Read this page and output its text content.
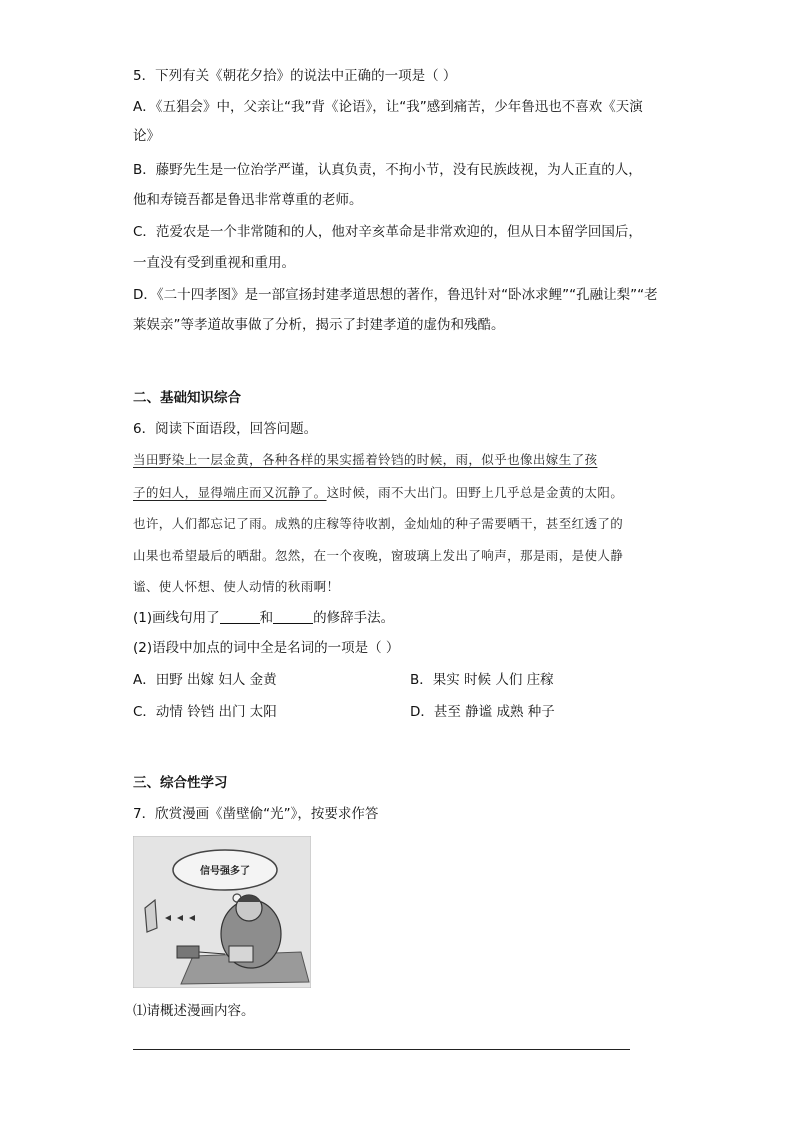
5．下列有关《朝花夕拾》的说法中正确的一项是（ ）
A．《五猖会》中，父亲让“我”背《论语》，让“我”感到痛苦，少年鲁迅也不喜欢《天演
论》
B．藤野先生是一位治学严谨，认真负责，不拘小节，没有民族歧视，为人正直的人，
他和寿镜吾都是鲁迅非常尊重的老师。
C．范爱农是一个非常随和的人，他对辛亥革命是非常欢迎的，但从日本留学回国后，
一直没有受到重视和重用。
D．《二十四孝图》是一部宣扬封建孝道思想的著作，鲁迅针对“卧冰求鲤”“孔融让梨”“老
莱娱亲”等孝道故事做了分析，揭示了封建孝道的虚伪和残酷。
二、基础知识综合
6．阅读下面语段，回答问题。
当田野染上一层金黄，各种各样的果实摇着铃铛的时候，雨，似乎也像出嫁生了孩
子的妇人，显得端庄而又沉静了。这时候，雨不大出门。田野上几乎总是金黄的太阳。
也许，人们都忘记了雨。成熟的庄稼等待收割，金灿灿的种子需要晒干，甚至红透了的
山果也希望最后的晒甜。忽然，在一个夜晚，窗玻璃上发出了响声，那是雨，是使人静
谧、使人怀想、使人动情的秋雨啊！
(1)画线句用了	和	的修辞手法。
(2)语段中加点的词中全是名词的一项是（ ）
A．田野 出嫁 妇人 金黄	B．果实 时候 人们 庄稼
C．动情 铃铛 出门 太阳	D．甚至 静谧 成熟 种子
三、综合性学习
7．欣赏漫画《凿壁偷“光”》，按要求作答
信号强多了
⑴请概述漫画内容。
